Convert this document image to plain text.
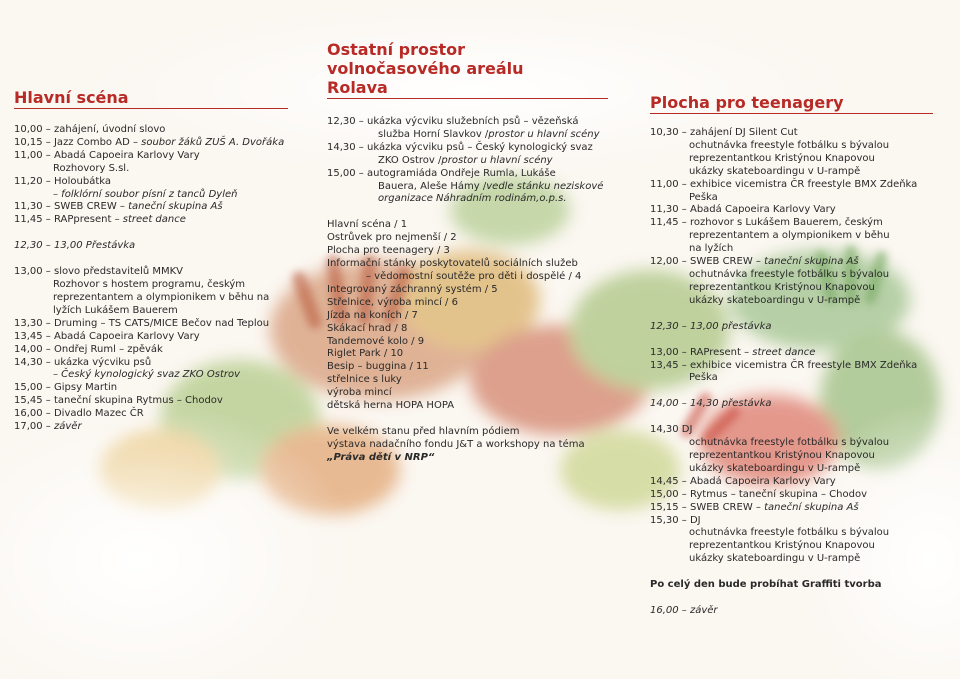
Hlavní scéna
10,00 – zahájení, úvodní slovo
10,15 – Jazz Combo AD – soubor žáků ZUŠ A. Dvořáka
11,00 – Abadá Capoeira Karlovy Vary
Rozhovory S.sl.
11,20 – Holoubátka
– folklórní soubor písní z tanců Dyleň
11,30 – SWEB CREW – taneční skupina Aš
11,45 – RAPpresent – street dance
12,30 – 13,00 Přestávka
13,00 – slovo představitelů MMKV
Rozhovor s hostem programu, českým
reprezentantem a olympionikem v běhu na
lyžích Lukášem Bauerem
13,30 – Druming – TS CATS/MICE Bečov nad Teplou
13,45 – Abadá Capoeira Karlovy Vary
14,00 – Ondřej Ruml – zpěvák
14,30 – ukázka výcviku psů
– Český kynologický svaz ZKO Ostrov
15,00 – Gipsy Martin
15,45 – taneční skupina Rytmus – Chodov
16,00 – Divadlo Mazec ČR
17,00 – závěr
Ostatní prostor
volnočasového areálu
Rolava
12,30 – ukázka výcviku služebních psů – vězeňská
služba Horní Slavkov /prostor u hlavní scény
14,30 – ukázka výcviku psů – Český kynologický svaz
ZKO Ostrov /prostor u hlavní scény
15,00 – autogramiáda Ondřeje Rumla, Lukáše
Bauera, Aleše Hámy /vedle stánku neziskové
organizace Náhradním rodinám,o.p.s.
Hlavní scéna / 1
Ostrůvek pro nejmenší / 2
Plocha pro teenagery / 3
Informační stánky poskytovatelů sociálních služeb
– vědomostní soutěže pro děti i dospělé / 4
Integrovaný záchranný systém / 5
Střelnice, výroba mincí / 6
Jízda na koních / 7
Skákací hrad / 8
Tandemové kolo / 9
Riglet Park / 10
Besip – buggina / 11
střelnice s luky
výroba mincí
dětská herna HOPA HOPA
Ve velkém stanu před hlavním pódiem
výstava nadačního fondu J&T a workshopy na téma
„Práva dětí v NRP“
Plocha pro teenagery
10,30 – zahájení DJ Silent Cut
ochutnávka freestyle fotbálku s bývalou
reprezentantkou Kristýnou Knapovou
ukázky skateboardingu v U-rampě
11,00 – exhibice vicemistra ČR freestyle BMX Zdeňka
Peška
11,30 – Abadá Capoeira Karlovy Vary
11,45 – rozhovor s Lukášem Bauerem, českým
reprezentantem a olympionikem v běhu
na lyžích
12,00 – SWEB CREW – taneční skupina Aš
ochutnávka freestyle fotbálku s bývalou
reprezentantkou Kristýnou Knapovou
ukázky skateboardingu v U-rampě
12,30 – 13,00 přestávka
13,00 – RAPresent – street dance
13,45 – exhibice vicemistra ČR freestyle BMX Zdeňka
Peška
14,00 – 14,30 přestávka
14,30 DJ
ochutnávka freestyle fotbálku s bývalou
reprezentantkou Kristýnou Knapovou
ukázky skateboardingu v U-rampě
14,45 – Abadá Capoeira Karlovy Vary
15,00 – Rytmus – taneční skupina – Chodov
15,15 – SWEB CREW – taneční skupina Aš
15,30 – DJ
ochutnávka freestyle fotbálku s bývalou
reprezentantkou Kristýnou Knapovou
ukázky skateboardingu v U-rampě
Po celý den bude probíhat Graffiti tvorba
16,00 – závěr
